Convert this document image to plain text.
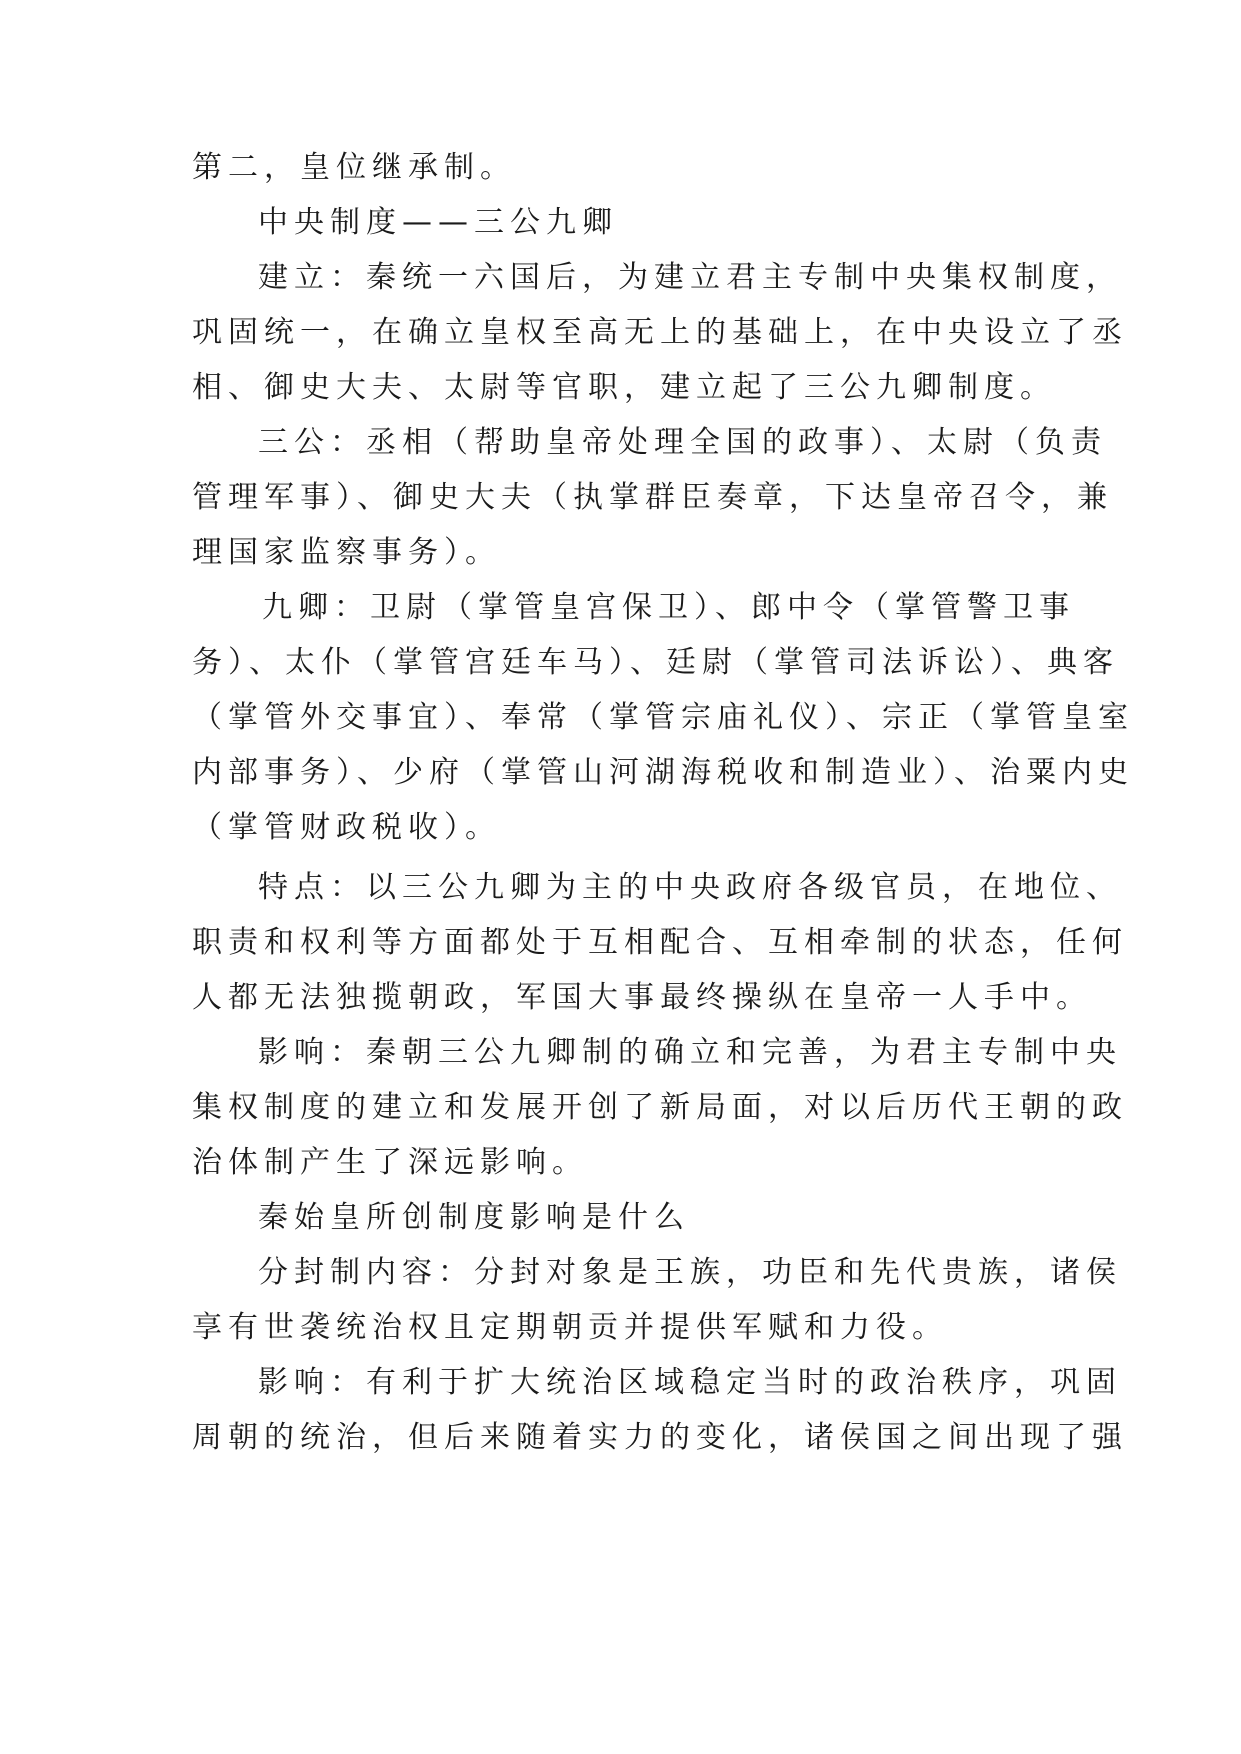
第二，皇位继承制。
中央制度——三公九卿
建立：秦统一六国后，为建立君主专制中央集权制度，
巩固统一，在确立皇权至高无上的基础上，在中央设立了丞
相、御史大夫、太尉等官职，建立起了三公九卿制度。
三公：丞相（帮助皇帝处理全国的政事）、太尉（负责
管理军事）、御史大夫（执掌群臣奏章，下达皇帝召令，兼
理国家监察事务）。
九卿：卫尉（掌管皇宫保卫）、郎中令（掌管警卫事
务）、太仆（掌管宫廷车马）、廷尉（掌管司法诉讼）、典客
（掌管外交事宜）、奉常（掌管宗庙礼仪）、宗正（掌管皇室
内部事务）、少府（掌管山河湖海税收和制造业）、治粟内史
（掌管财政税收）。
特点：以三公九卿为主的中央政府各级官员，在地位、
职责和权利等方面都处于互相配合、互相牵制的状态，任何
人都无法独揽朝政，军国大事最终操纵在皇帝一人手中。
影响：秦朝三公九卿制的确立和完善，为君主专制中央
集权制度的建立和发展开创了新局面，对以后历代王朝的政
治体制产生了深远影响。
秦始皇所创制度影响是什么
分封制内容：分封对象是王族，功臣和先代贵族，诸侯
享有世袭统治权且定期朝贡并提供军赋和力役。
影响：有利于扩大统治区域稳定当时的政治秩序，巩固
周朝的统治，但后来随着实力的变化，诸侯国之间出现了强
